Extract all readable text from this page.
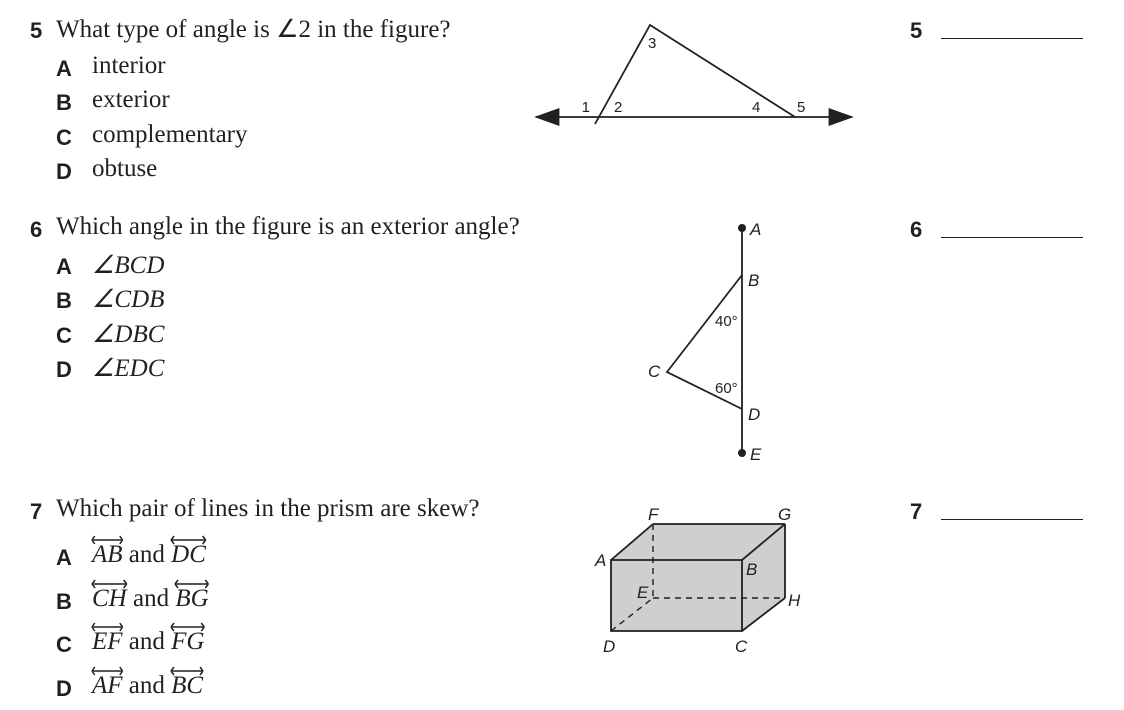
5 What type of angle is ∠2 in the figure?
A interior
B exterior
C complementary
D obtuse
1 2
3
4 5
5
6 Which angle in the figure is an exterior angle?
A ∠BCD
B ∠CDB
C ∠DBC
D ∠EDC
A
B
C
D
E
40°
60°
6
7 Which pair of lines in the prism are skew?
A AB and DC
B CH and BG
C EF and FG
D AF and BC
F	G
A	B
E	H
D	C
7
